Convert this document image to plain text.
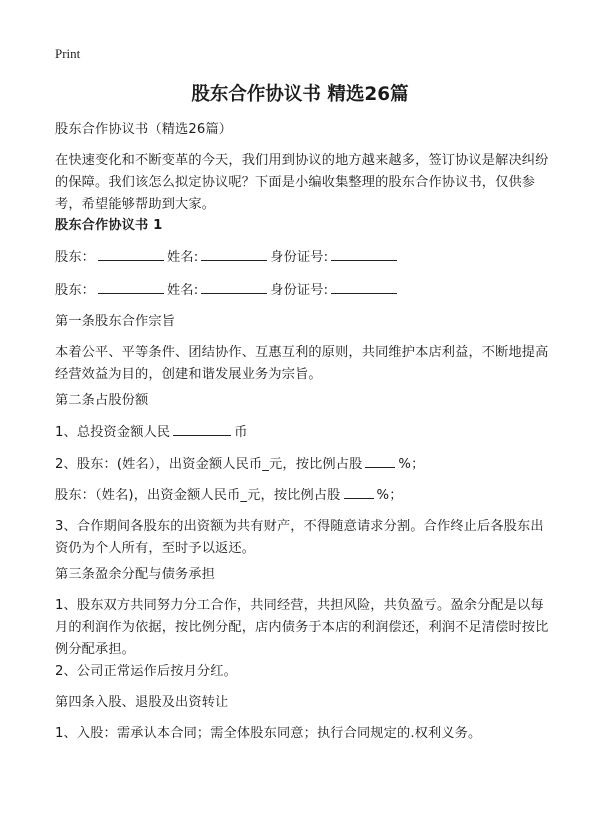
Print
股东合作协议书 精选26篇

股东合作协议书（精选26篇）

在快速变化和不断变革的今天，我们用到协议的地方越来越多，签订协议是解决纠纷的保障。我们该怎么拟定协议呢？下面是小编收集整理的股东合作协议书，仅供参考，希望能够帮助到大家。

股东合作协议书 1

股东：	姓名:	身份证号:
股东：	姓名:	身份证号:

第一条股东合作宗旨

本着公平、平等条件、团结协作、互惠互利的原则，共同维护本店利益，不断地提高经营效益为目的，创建和谐发展业务为宗旨。

第二条占股份额

1、总投资金额人民	币
2、股东：(姓名），出资金额人民币_元，按比例占股	%；
股东：（姓名)，出资金额人民币_元，按比例占股	%；

3、合作期间各股东的出资额为共有财产，不得随意请求分割。合作终止后各股东出资仍为个人所有，至时予以返还。

第三条盈余分配与债务承担

1、股东双方共同努力分工合作，共同经营，共担风险，共负盈亏。盈余分配是以每月的利润作为依据，按比例分配，店内债务于本店的利润偿还，利润不足清偿时按比例分配承担。

2、公司正常运作后按月分红。

第四条入股、退股及出资转让

1、入股：需承认本合同；需全体股东同意；执行合同规定的.权利义务。
